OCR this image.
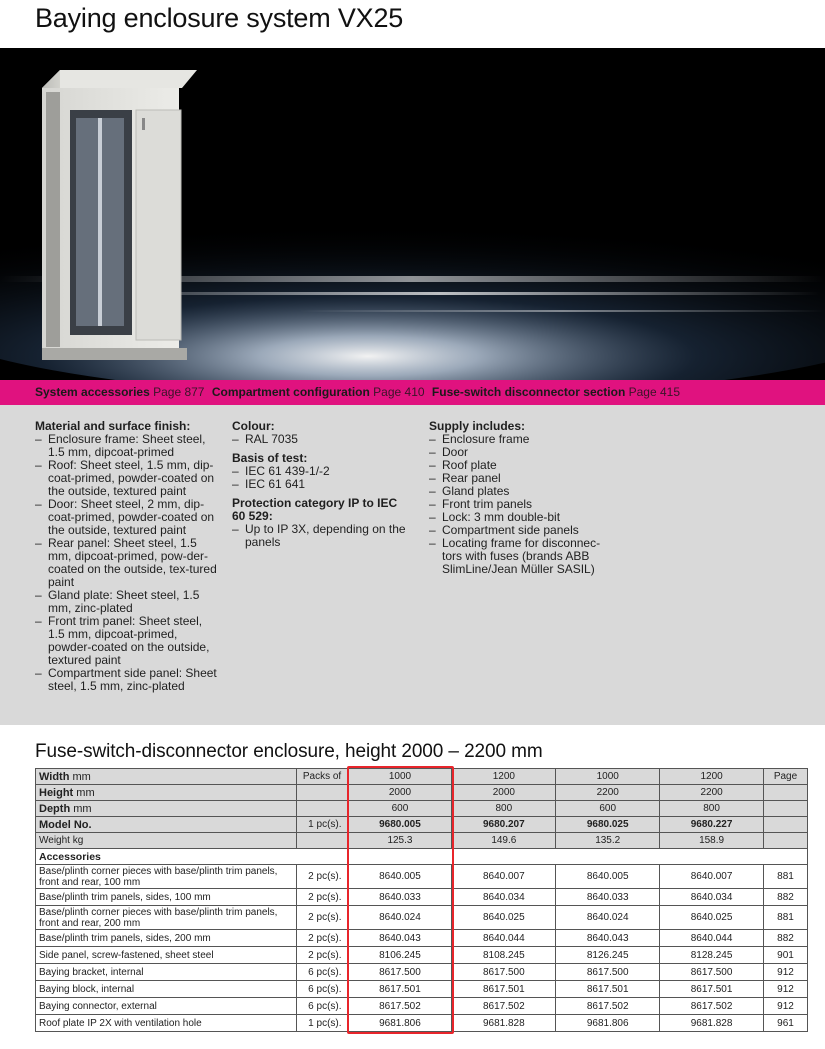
Baying enclosure system VX25
System accessories Page 877 Compartment configuration Page 410 Fuse-switch disconnector section Page 415
Material and surface finish:
– Enclosure frame: Sheet steel, 1.5 mm, dipcoat-primed
– Roof: Sheet steel, 1.5 mm, dip-coat-primed, powder-coated on the outside, textured paint
– Door: Sheet steel, 2 mm, dip-coat-primed, powder-coated on the outside, textured paint
– Rear panel: Sheet steel, 1.5 mm, dipcoat-primed, pow-der-coated on the outside, tex-tured paint
– Gland plate: Sheet steel, 1.5 mm, zinc-plated
– Front trim panel: Sheet steel, 1.5 mm, dipcoat-primed, powder-coated on the outside, textured paint
– Compartment side panel: Sheet steel, 1.5 mm, zinc-plated
Colour:
– RAL 7035
Basis of test:
– IEC 61 439-1/-2
– IEC 61 641
Protection category IP to IEC 60 529:
– Up to IP 3X, depending on the panels
Supply includes:
– Enclosure frame
– Door
– Roof plate
– Rear panel
– Gland plates
– Front trim panels
– Lock: 3 mm double-bit
– Compartment side panels
– Locating frame for disconnec-tors with fuses (brands ABB SlimLine/Jean Müller SASIL)
Fuse-switch-disconnector enclosure, height 2000 – 2200 mm
Width mm	Packs of	1000	1200	1000	1200	Page
Height mm		2000	2000	2200	2200	
Depth mm		600	800	600	800	
Model No.	1 pc(s).	9680.005	9680.207	9680.025	9680.227	
Weight kg		125.3	149.6	135.2	158.9	
Accessories						
Base/plinth corner pieces with base/plinth trim panels, front and rear, 100 mm	2 pc(s).	8640.005	8640.007	8640.005	8640.007	881
Base/plinth trim panels, sides, 100 mm	2 pc(s).	8640.033	8640.034	8640.033	8640.034	882
Base/plinth corner pieces with base/plinth trim panels, front and rear, 200 mm	2 pc(s).	8640.024	8640.025	8640.024	8640.025	881
Base/plinth trim panels, sides, 200 mm	2 pc(s).	8640.043	8640.044	8640.043	8640.044	882
Side panel, screw-fastened, sheet steel	2 pc(s).	8106.245	8108.245	8126.245	8128.245	901
Baying bracket, internal	6 pc(s).	8617.500	8617.500	8617.500	8617.500	912
Baying block, internal	6 pc(s).	8617.501	8617.501	8617.501	8617.501	912
Baying connector, external	6 pc(s).	8617.502	8617.502	8617.502	8617.502	912
Roof plate IP 2X with ventilation hole	1 pc(s).	9681.806	9681.828	9681.806	9681.828	961
